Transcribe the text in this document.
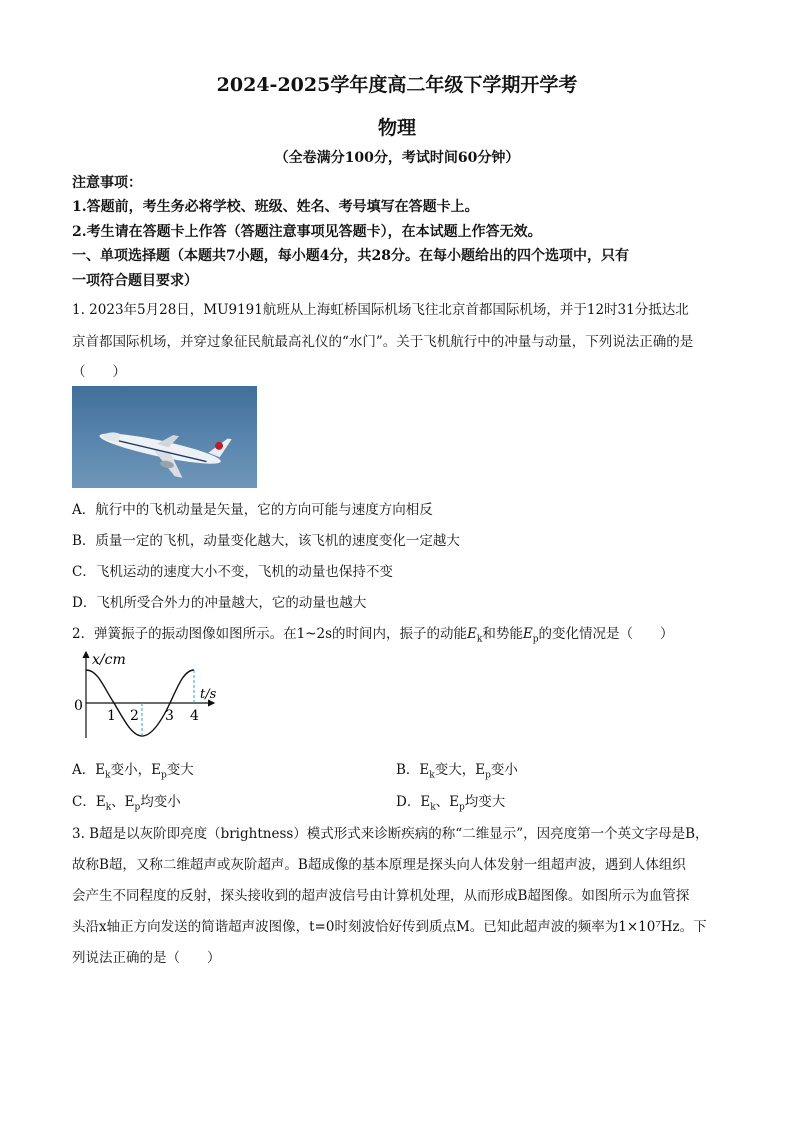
2024-2025学年度高二年级下学期开学考
物理
（全卷满分100分，考试时间60分钟）
注意事项：
1.答题前，考生务必将学校、班级、姓名、考号填写在答题卡上。
2.考生请在答题卡上作答（答题注意事项见答题卡），在本试题上作答无效。
一、单项选择题（本题共7小题，每小题4分，共28分。在每小题给出的四个选项中，只有
一项符合题目要求）
1. 2023年5月28日，MU9191航班从上海虹桥国际机场飞往北京首都国际机场，并于12时31分抵达北
京首都国际机场，并穿过象征民航最高礼仪的“水门”。关于飞机航行中的冲量与动量，下列说法正确的是
（　　）
A．航行中的飞机动量是矢量，它的方向可能与速度方向相反
B．质量一定的飞机，动量变化越大，该飞机的速度变化一定越大
C．飞机运动的速度大小不变，飞机的动量也保持不变
D．飞机所受合外力的冲量越大，它的动量也越大
2．弹簧振子的振动图像如图所示。在1~2s的时间内，振子的动能$E_k$和势能$E_p$的变化情况是（　　）
x/cm
t/s
0
1 2 3 4
A．$E_k$变小，$E_p$变大	B．$E_k$变大，$E_p$变小
C．$E_k$、$E_p$均变小	D．$E_k$、$E_p$均变大
3. B超是以灰阶即亮度（brightness）模式形式来诊断疾病的称“二维显示”，因亮度第一个英文字母是B，
故称B超，又称二维超声或灰阶超声。B超成像的基本原理是探头向人体发射一组超声波，遇到人体组织
会产生不同程度的反射，探头接收到的超声波信号由计算机处理，从而形成B超图像。如图所示为血管探
头沿x轴正方向发送的简谐超声波图像，t=0时刻波恰好传到质点M。已知此超声波的频率为1×10⁷Hz。下
列说法正确的是（　　）
